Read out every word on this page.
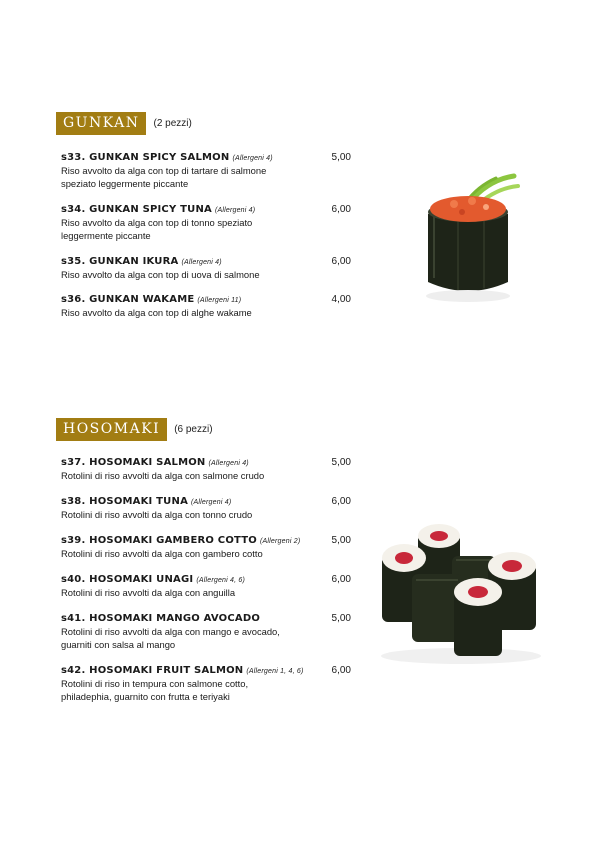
GUNKAN	(2 pezzi)
s33. GUNKAN SPICY SALMON (Allergeni 4)	5,00
Riso avvolto da alga con top di tartare di salmone speziato leggermente piccante
s34. GUNKAN SPICY TUNA (Allergeni 4)	6,00
Riso avvolto da alga con top di tonno speziato leggermente piccante
s35. GUNKAN IKURA (Allergeni 4)	6,00
Riso avvolto da alga con top di uova di salmone
s36. GUNKAN WAKAME (Allergeni 11)	4,00
Riso avvolto da alga con top di alghe wakame
HOSOMAKI	(6 pezzi)
s37. HOSOMAKI SALMON (Allergeni 4)	5,00
Rotolini di riso avvolti da alga con salmone crudo
s38. HOSOMAKI TUNA (Allergeni 4)	6,00
Rotolini di riso avvolti da alga con tonno crudo
s39. HOSOMAKI GAMBERO COTTO (Allergeni 2)	5,00
Rotolini di riso avvolti da alga con gambero cotto
s40. HOSOMAKI UNAGI (Allergeni 4, 6)	6,00
Rotolini di riso avvolti da alga con anguilla
s41. HOSOMAKI MANGO AVOCADO	5,00
Rotolini di riso avvolti da alga con mango e avocado, guarniti con salsa al mango
s42. HOSOMAKI FRUIT SALMON (Allergeni 1, 4, 6)	6,00
Rotolini di riso in tempura con salmone cotto, philadephia, guarnito con frutta e teriyaki
